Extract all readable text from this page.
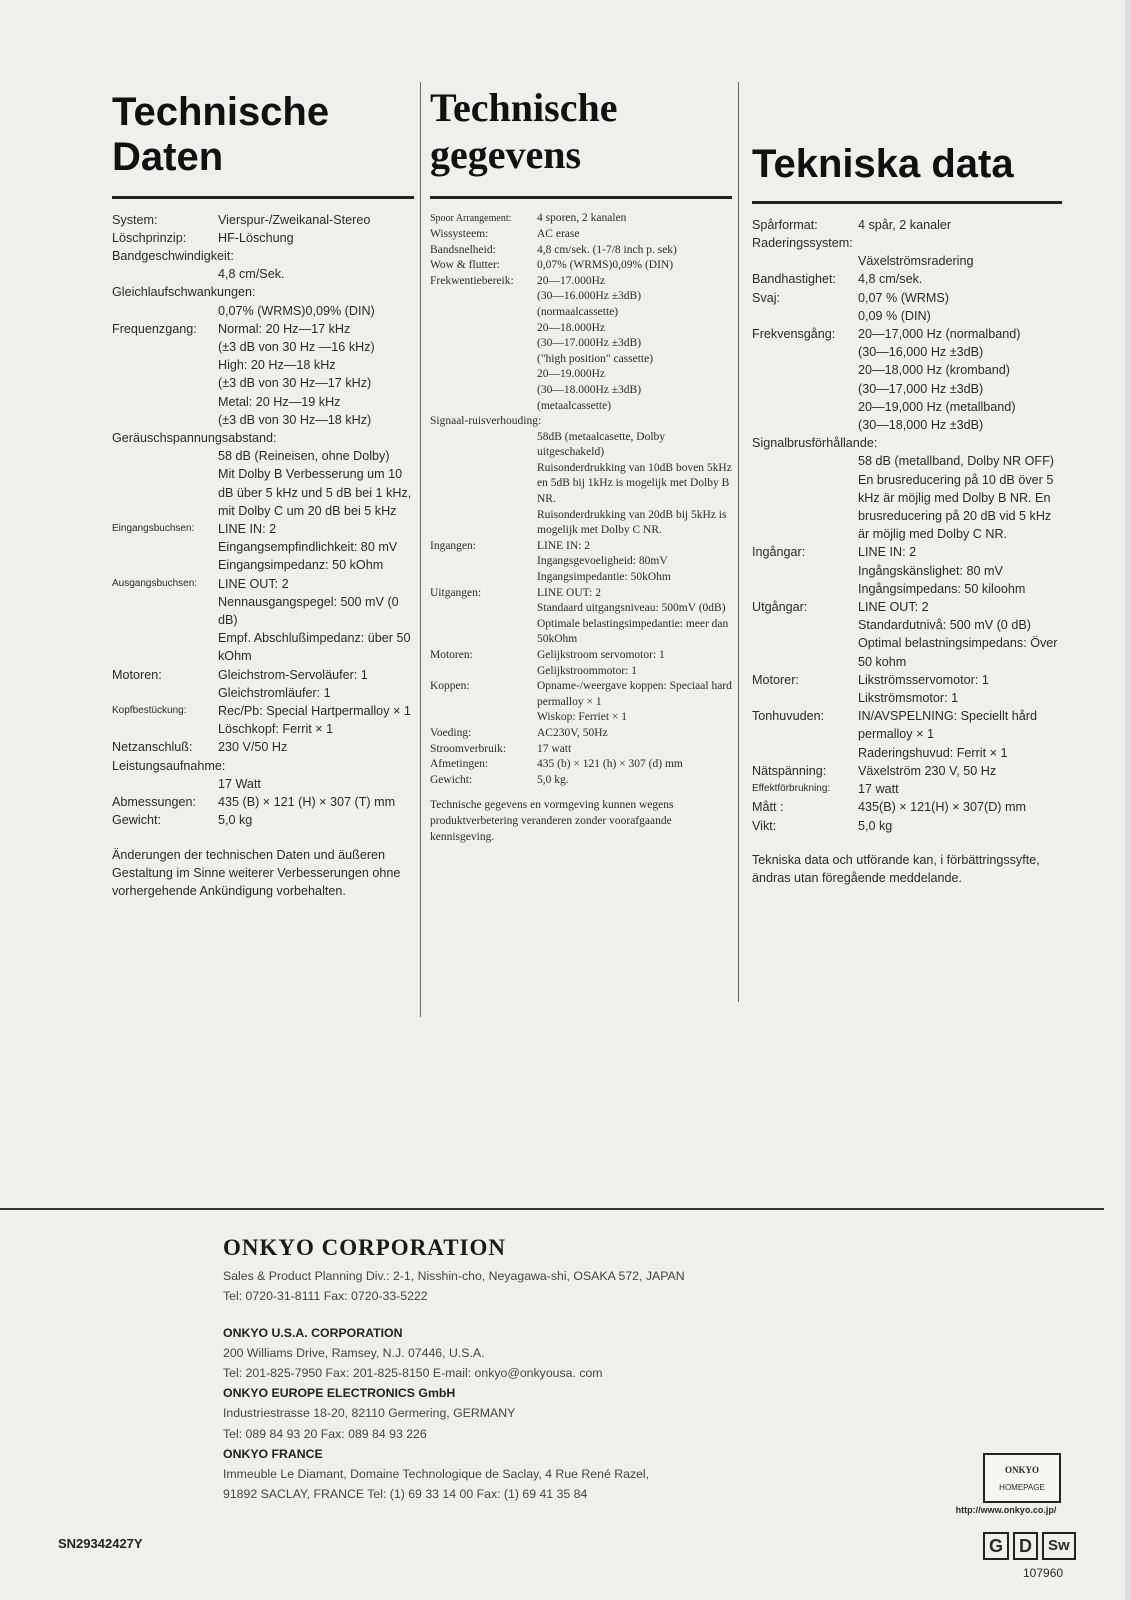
Technische
Daten
System:	Vierspur-/Zweikanal-Stereo
Löschprinzip:	HF-Löschung
Bandgeschwindigkeit:
4,8 cm/Sek.
Gleichlaufschwankungen:
0,07% (WRMS)0,09% (DIN)
Frequenzgang:	Normal: 20 Hz—17 kHz
(±3 dB von 30 Hz —16 kHz)
High: 20 Hz—18 kHz
(±3 dB von 30 Hz—17 kHz)
Metal: 20 Hz—19 kHz
(±3 dB von 30 Hz—18 kHz)
Geräuschspannungsabstand:
58 dB (Reineisen, ohne Dolby)
Mit Dolby B Verbesserung um 10 dB über 5 kHz und 5 dB bei 1 kHz, mit Dolby C um 20 dB bei 5 kHz
Eingangsbuchsen:	LINE IN: 2
Eingangsempfindlichkeit: 80 mV
Eingangsimpedanz: 50 kOhm
Ausgangsbuchsen:	LINE OUT: 2
Nennausgangspegel: 500 mV (0 dB)
Empf. Abschlußimpedanz: über 50 kOhm
Motoren:	Gleichstrom-Servoläufer: 1
Gleichstromläufer: 1
Kopfbestückung:	Rec/Pb: Special Hartpermalloy × 1
Löschkopf: Ferrit × 1
Netzanschluß:	230 V/50 Hz
Leistungsaufnahme:
17 Watt
Abmessungen:	435 (B) × 121 (H) × 307 (T) mm
Gewicht:	5,0 kg
Änderungen der technischen Daten und äußeren Gestaltung im Sinne weiterer Verbesserungen ohne vorhergehende Ankündigung vorbehalten.
Technische
gegevens
Spoor Arrangement:	4 sporen, 2 kanalen
Wissysteem:	AC erase
Bandsnelheid:	4,8 cm/sek. (1-7/8 inch p. sek)
Wow & flutter:	0,07% (WRMS)0,09% (DIN)
Frekwentiebereik:	20—17.000Hz
(30—16.000Hz ±3dB)
(normaalcassette)
20—18.000Hz
(30—17.000Hz ±3dB)
("high position" cassette)
20—19.000Hz
(30—18.000Hz ±3dB)
(metaalcassette)
Signaal-ruisverhouding:
58dB (metaalcasette, Dolby uitgeschakeld)
Ruisonderdrukking van 10dB boven 5kHz en 5dB bij 1kHz is mogelijk met Dolby B NR.
Ruisonderdrukking van 20dB bij 5kHz is mogelijk met Dolby C NR.
Ingangen:	LINE IN: 2
Ingangsgevoeligheid: 80mV
Ingangsimpedantie: 50kOhm
Uitgangen:	LINE OUT: 2
Standaard uitgangsniveau: 500mV (0dB)
Optimale belastingsimpedantie: meer dan 50kOhm
Motoren:	Gelijkstroom servomotor: 1
Gelijkstroommotor: 1
Koppen:	Opname-/weergave koppen: Speciaal hard permalloy × 1
Wiskop: Ferriet × 1
Voeding:	AC230V, 50Hz
Stroomverbruik:	17 watt
Afmetingen:	435 (b) × 121 (h) × 307 (d) mm
Gewicht:	5,0 kg.
Technische gegevens en vormgeving kunnen wegens produktverbetering veranderen zonder voorafgaande kennisgeving.
Tekniska data
Spårformat:	4 spår, 2 kanaler
Raderingssystem:
Växelströmsradering
Bandhastighet:	4,8 cm/sek.
Svaj:	0,07 % (WRMS)
0,09 % (DIN)
Frekvensgång:	20—17,000 Hz (normalband)
(30—16,000 Hz ±3dB)
20—18,000 Hz (kromband)
(30—17,000 Hz ±3dB)
20—19,000 Hz (metallband)
(30—18,000 Hz ±3dB)
Signalbrusförhållande:
58 dB (metallband, Dolby NR OFF)
En brusreducering på 10 dB över 5 kHz är möjlig med Dolby B NR. En brusreducering på 20 dB vid 5 kHz är möjlig med Dolby C NR.
Ingångar:	LINE IN: 2
Ingångskänslighet: 80 mV
Ingångsimpedans: 50 kiloohm
Utgångar:	LINE OUT: 2
Standardutnivå: 500 mV (0 dB)
Optimal belastningsimpedans: Över 50 kohm
Motorer:	Likströmsservomotor: 1
Likströmsmotor: 1
Tonhuvuden:	IN/AVSPELNING: Speciellt hård permalloy × 1
Raderingshuvud: Ferrit × 1
Nätspänning:	Växelström 230 V, 50 Hz
Effektförbrukning:	17 watt
Mått :	435(B) × 121(H) × 307(D) mm
Vikt:	5,0 kg
Tekniska data och utförande kan, i förbättringssyfte, ändras utan föregående meddelande.
ONKYO CORPORATION
Sales & Product Planning Div.: 2-1, Nisshin-cho, Neyagawa-shi, OSAKA 572, JAPAN
Tel: 0720-31-8111 Fax: 0720-33-5222
ONKYO U.S.A. CORPORATION
200 Williams Drive, Ramsey, N.J. 07446, U.S.A.
Tel: 201-825-7950 Fax: 201-825-8150 E-mail: onkyo@onkyousa. com
ONKYO EUROPE ELECTRONICS GmbH
Industriestrasse 18-20, 82110 Germering, GERMANY
Tel: 089 84 93 20 Fax: 089 84 93 226
ONKYO FRANCE
Immeuble Le Diamant, Domaine Technologique de Saclay, 4 Rue René Razel,
91892 SACLAY, FRANCE Tel: (1) 69 33 14 00 Fax: (1) 69 41 35 84
SN29342427Y
ONKYO
HOMEPAGE
http://www.onkyo.co.jp/
G D	Sw
107960
